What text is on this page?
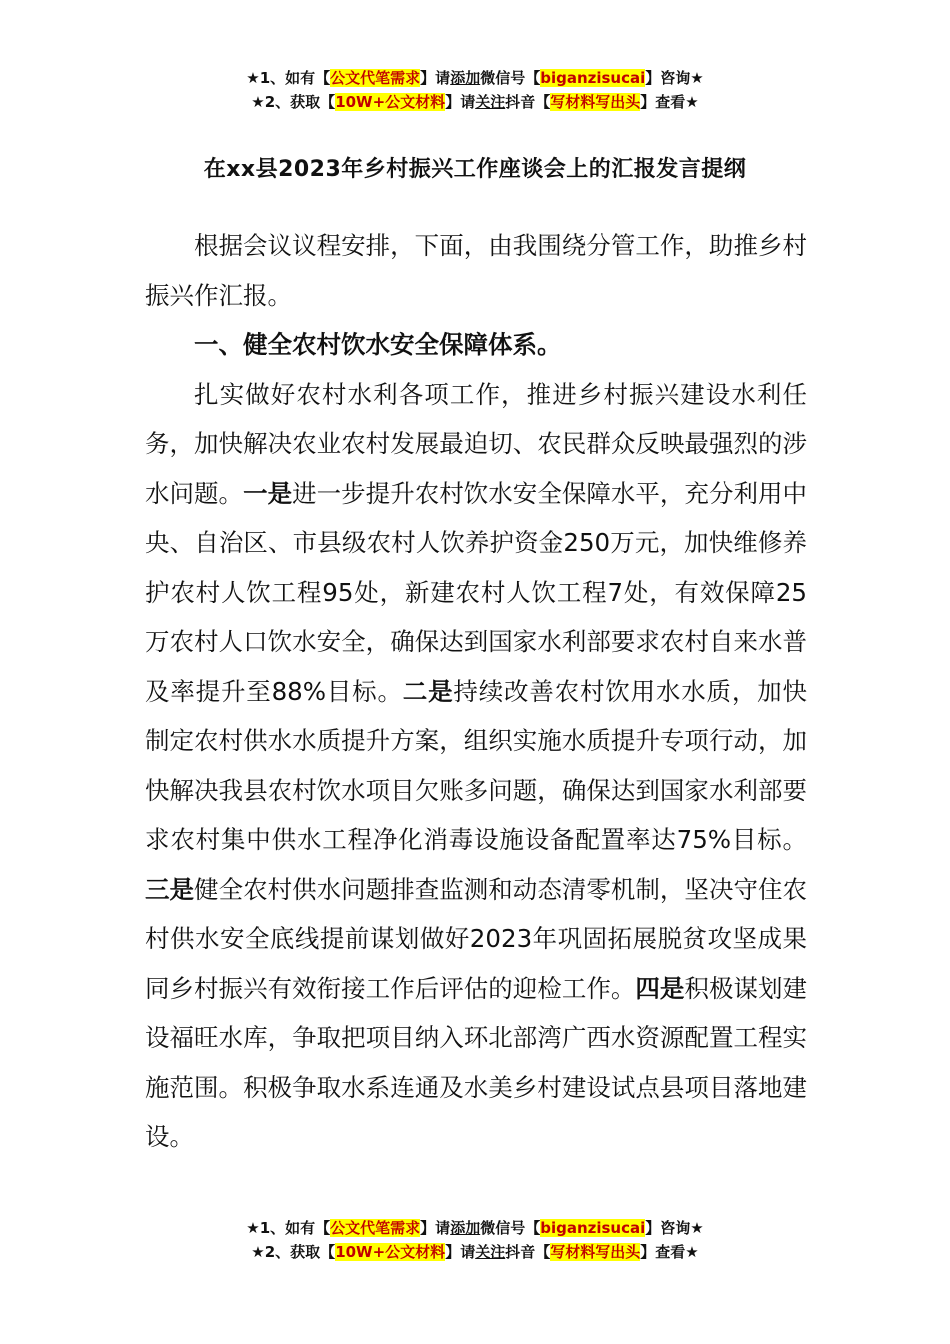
★1、如有【公文代笔需求】请添加微信号【biganzisucai】咨询★
★2、获取【10W+公文材料】请关注抖音【写材料写出头】查看★
在xx县2023年乡村振兴工作座谈会上的汇报发言提纲

根据会议议程安排，下面，由我围绕分管工作，助推乡村振兴作汇报。

一、健全农村饮水安全保障体系。

扎实做好农村水利各项工作，推进乡村振兴建设水利任务，加快解决农业农村发展最迫切、农民群众反映最强烈的涉水问题。一是进一步提升农村饮水安全保障水平，充分利用中央、自治区、市县级农村人饮养护资金250万元，加快维修养护农村人饮工程95处，新建农村人饮工程7处，有效保障25万农村人口饮水安全，确保达到国家水利部要求农村自来水普及率提升至88%目标。二是持续改善农村饮用水水质，加快制定农村供水水质提升方案，组织实施水质提升专项行动，加快解决我县农村饮水项目欠账多问题，确保达到国家水利部要求农村集中供水工程净化消毒设施设备配置率达75%目标。三是健全农村供水问题排查监测和动态清零机制，坚决守住农村供水安全底线提前谋划做好2023年巩固拓展脱贫攻坚成果同乡村振兴有效衔接工作后评估的迎检工作。四是积极谋划建设福旺水库，争取把项目纳入环北部湾广西水资源配置工程实施范围。积极争取水系连通及水美乡村建设试点县项目落地建设。

★1、如有【公文代笔需求】请添加微信号【biganzisucai】咨询★
★2、获取【10W+公文材料】请关注抖音【写材料写出头】查看★
